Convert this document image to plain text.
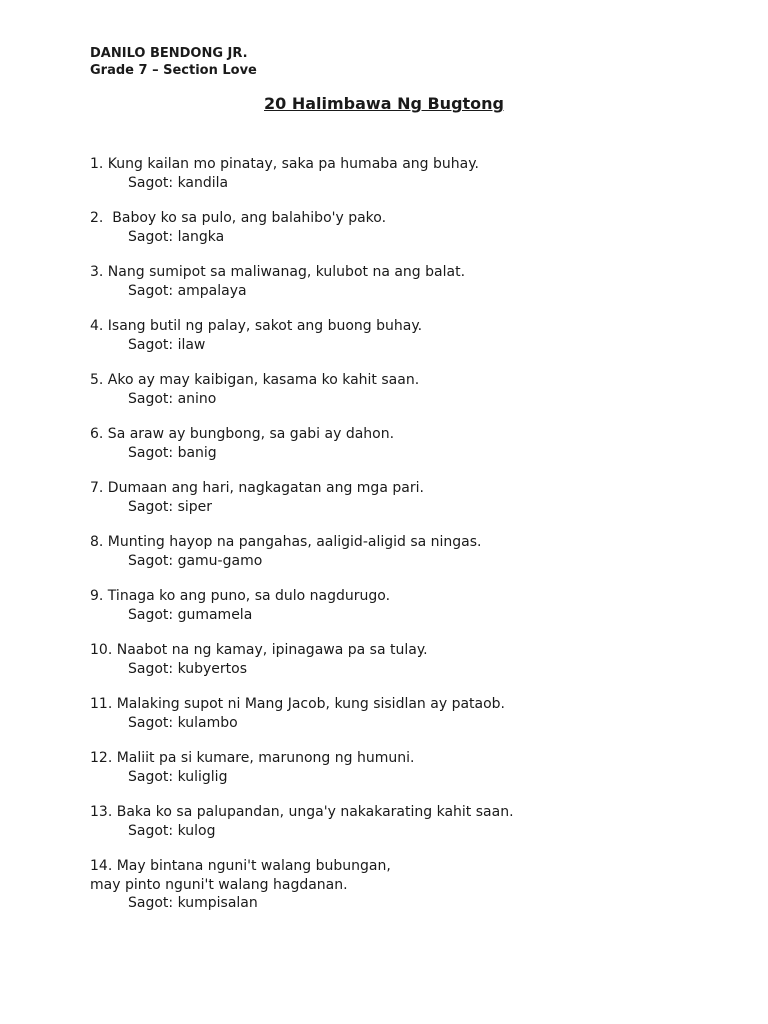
DANILO BENDONG JR.
Grade 7 – Section Love
20 Halimbawa Ng Bugtong
1. Kung kailan mo pinatay, saka pa humaba ang buhay.
Sagot: kandila
2.  Baboy ko sa pulo, ang balahibo'y pako.
Sagot: langka
3. Nang sumipot sa maliwanag, kulubot na ang balat.
Sagot: ampalaya
4. Isang butil ng palay, sakot ang buong buhay.
Sagot: ilaw
5. Ako ay may kaibigan, kasama ko kahit saan.
Sagot: anino
6. Sa araw ay bungbong, sa gabi ay dahon.
Sagot: banig
7. Dumaan ang hari, nagkagatan ang mga pari.
Sagot: siper
8. Munting hayop na pangahas, aaligid-aligid sa ningas.
Sagot: gamu-gamo
9. Tinaga ko ang puno, sa dulo nagdurugo.
Sagot: gumamela
10. Naabot na ng kamay, ipinagawa pa sa tulay.
Sagot: kubyertos
11. Malaking supot ni Mang Jacob, kung sisidlan ay pataob.
Sagot: kulambo
12. Maliit pa si kumare, marunong ng humuni.
Sagot: kuliglig
13. Baka ko sa palupandan, unga'y nakakarating kahit saan.
Sagot: kulog
14. May bintana nguni't walang bubungan,
may pinto nguni't walang hagdanan.
Sagot: kumpisalan
